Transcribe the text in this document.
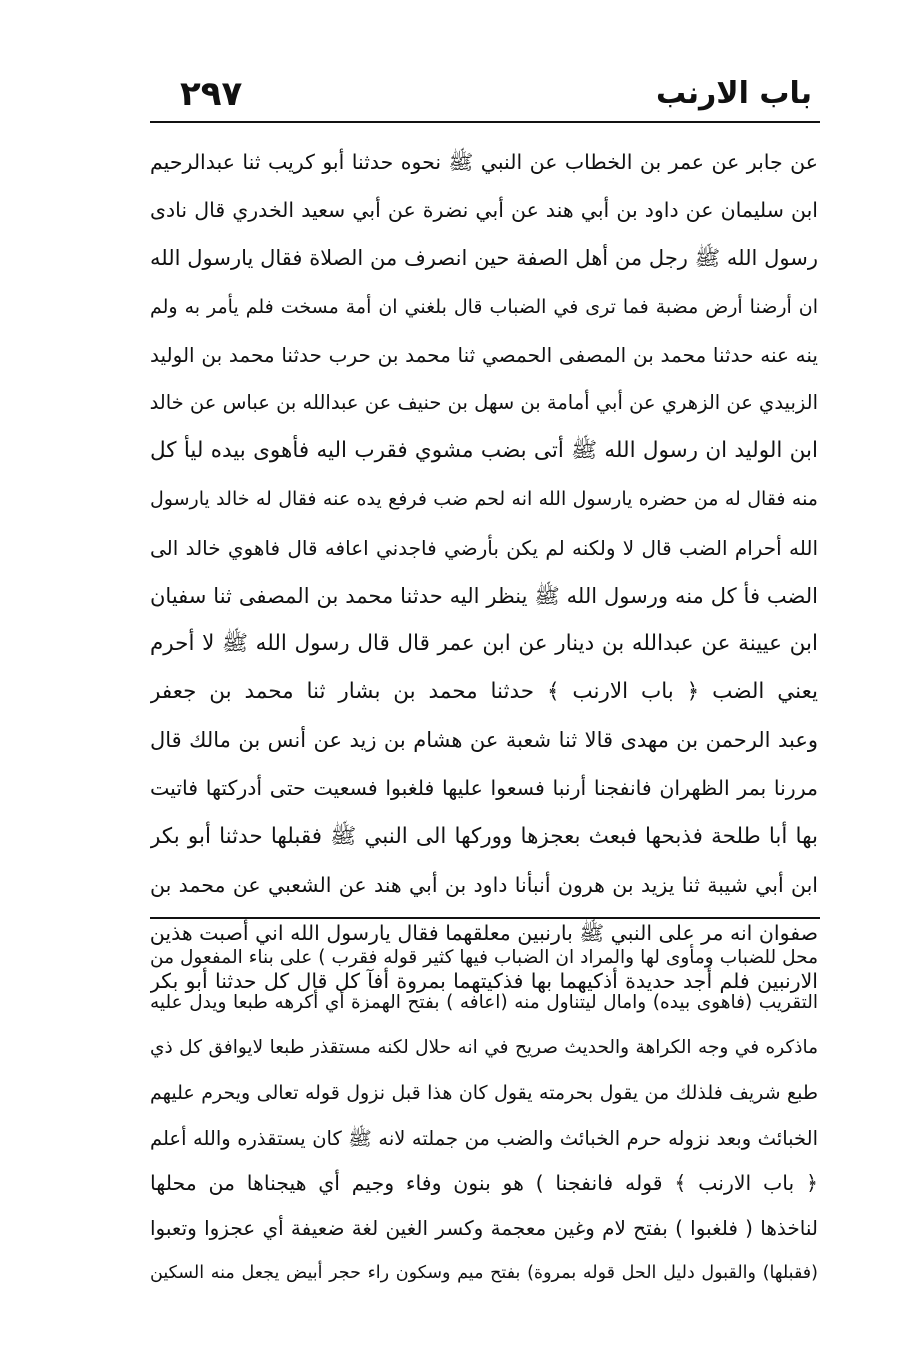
باب الارنب
٢٩٧
عن جابر عن عمر بن الخطاب عن النبي ﷺ نحوه حدثنا أبو كريب ثنا عبدالرحيم
ابن سليمان عن داود بن أبي هند عن أبي نضرة عن أبي سعيد الخدري قال نادى
رسول الله ﷺ رجل من أهل الصفة حين انصرف من الصلاة فقال يارسول الله
ان أرضنا أرض مضبة فما ترى في الضباب قال بلغني ان أمة مسخت فلم يأمر به ولم
ينه عنه حدثنا محمد بن المصفى الحمصي ثنا محمد بن حرب حدثنا محمد بن الوليد
الزبيدي عن الزهري عن أبي أمامة بن سهل بن حنيف عن عبدالله بن عباس عن خالد
ابن الوليد ان رسول الله ﷺ أتى بضب مشوي فقرب اليه فأهوى بيده ليأ كل
منه فقال له من حضره يارسول الله انه لحم ضب فرفع يده عنه فقال له خالد يارسول
الله أحرام الضب قال لا ولكنه لم يكن بأرضي فاجدني اعافه قال فاهوي خالد الى
الضب فأ كل منه ورسول الله ﷺ ينظر اليه حدثنا محمد بن المصفى ثنا سفيان
ابن عيينة عن عبدالله بن دينار عن ابن عمر قال قال رسول الله ﷺ لا أحرم
يعني الضب ﴿ باب الارنب ﴾ حدثنا محمد بن بشار ثنا محمد بن جعفر
وعبد الرحمن بن مهدى قالا ثنا شعبة عن هشام بن زيد عن أنس بن مالك قال
مررنا بمر الظهران فانفجنا أرنبا فسعوا عليها فلغبوا فسعيت حتى أدركتها فاتيت
بها أبا طلحة فذبحها فبعث بعجزها ووركها الى النبي ﷺ فقبلها حدثنا أبو بكر
ابن أبي شيبة ثنا يزيد بن هرون أنبأنا داود بن أبي هند عن الشعبي عن محمد بن
صفوان انه مر على النبي ﷺ بارنبين معلقهما فقال يارسول الله اني أصبت هذين
الارنبين فلم أجد حديدة أذكيهما بها فذكيتهما بمروة أفآ كل قال كل حدثنا أبو بكر
محل للضباب ومأوى لها والمراد ان الضباب فيها كثير قوله فقرب ) على بناء المفعول من
التقريب (فاهوى بيده) وامال ليتناول منه (اعافه ) بفتح الهمزة أي أكرهه طبعا ويدل عليه
ماذكره في وجه الكراهة والحديث صريح في انه حلال لكنه مستقذر طبعا لايوافق كل ذي
طبع شريف فلذلك من يقول بحرمته يقول كان هذا قبل نزول قوله تعالى ويحرم عليهم
الخبائث وبعد نزوله حرم الخبائث والضب من جملته لانه ﷺ كان يستقذره والله أعلم
﴿ باب الارنب ﴾ قوله فانفجنا ) هو بنون وفاء وجيم أي هيجناها من محلها
لناخذها ( فلغبوا ) بفتح لام وغين معجمة وكسر الغين لغة ضعيفة أي عجزوا وتعبوا
(فقبلها) والقبول دليل الحل قوله بمروة) بفتح ميم وسكون راء حجر أبيض يجعل منه السكين
